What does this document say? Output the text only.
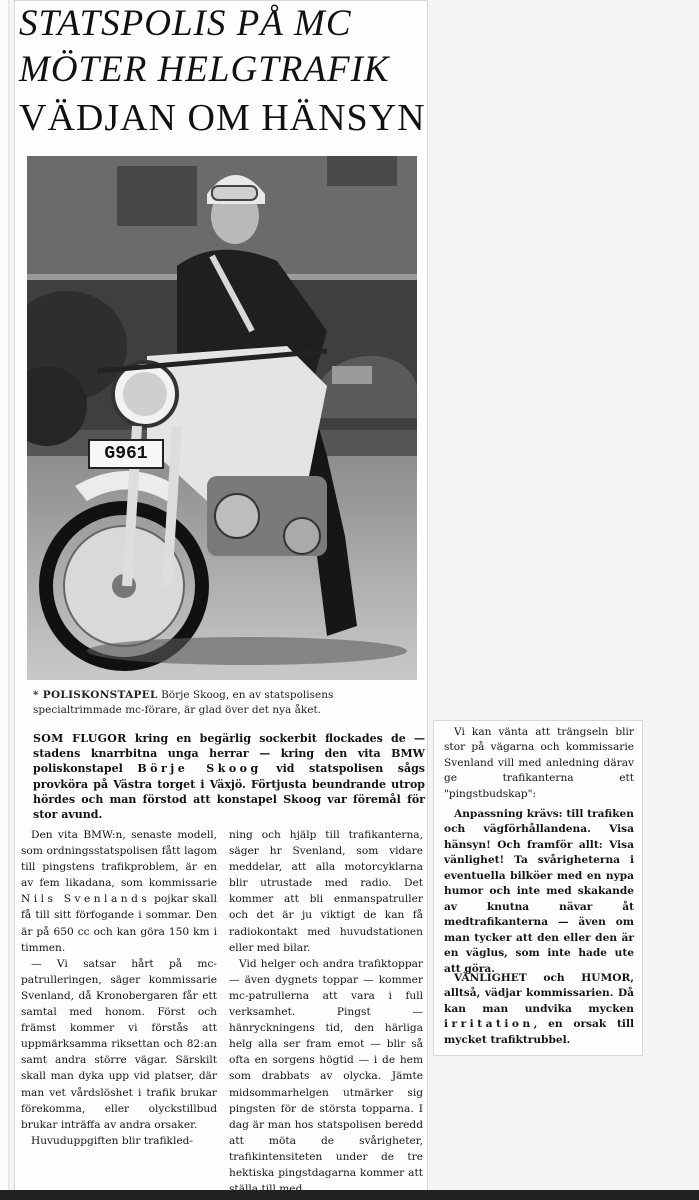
STATSPOLIS PÅ MC
MÖTER HELGTRAFIK
VÄDJAN OM HÄNSYN
G961

* POLISKONSTAPEL Börje Skoog, en av statspolisens specialtrimmade mc-förare, är glad över det nya åket.

SOM FLUGOR kring en begärlig sockerbit flockades de — stadens knarrbitna unga herrar — kring den vita BMW poliskonstapel Börje Skoog vid statspolisen sågs provköra på Västra torget i Växjö. Förtjusta beundrande utrop hördes och man förstod att konstapel Skoog var föremål för stor avund.

Den vita BMW:n, senaste modell, som ordningsstatspolisen fått lagom till pingstens trafikproblem, är en av fem likadana, som kommissarie Nils Svenlands pojkar skall få till sitt förfogande i sommar. Den är på 650 cc och kan göra 150 km i timmen.

— Vi satsar hårt på mc-patrulleringen, säger kommissarie Svenland, då Kronobergaren får ett samtal med honom. Först och främst kommer vi förstås att uppmärksamma riksettan och 82:an samt andra större vägar. Särskilt skall man dyka upp vid platser, där man vet vårdslöshet i trafik brukar förekomma, eller olyckstillbud brukar inträffa av andra orsaker.

Huvuduppgiften blir trafikled-

ning och hjälp till trafikanterna, säger hr Svenland, som vidare meddelar, att alla motorcyklarna blir utrustade med radio. Det kommer att bli enmanspatruller och det är ju viktigt de kan få radiokontakt med huvudstationen eller med bilar.

Vid helger och andra trafiktoppar — även dygnets toppar — kommer mc-patrullerna att vara i full verksamhet. Pingst — hänryckningens tid, den härliga helg alla ser fram emot — blir så ofta en sorgens högtid — i de hem som drabbats av olycka. Jämte midsommarhelgen utmärker sig pingsten för de största topparna. I dag är man hos statspolisen beredd att möta de svårigheter, trafikintensiteten under de tre hektiska pingstdagarna kommer att

Vi kan vänta att trängseln blir stor på vägarna och kommissarie Svenland vill med anledning därav ge trafikanterna ett "pingstbudskap":

Anpassning krävs: till trafiken och vägförhållandena. Visa hänsyn! Och framför allt: Visa vänlighet! Ta svårigheterna i eventuella bilköer med en nypa humor och inte med skakande av knutna nävar åt medtrafikanterna — även om man tycker att den eller den är en väglus, som inte hade ute att göra.

VÄNLIGHET och HUMOR, alltså, vädjar kommissarien. Då kan man undvika mycken irritation, en orsak till mycket trafiktrubbel.
